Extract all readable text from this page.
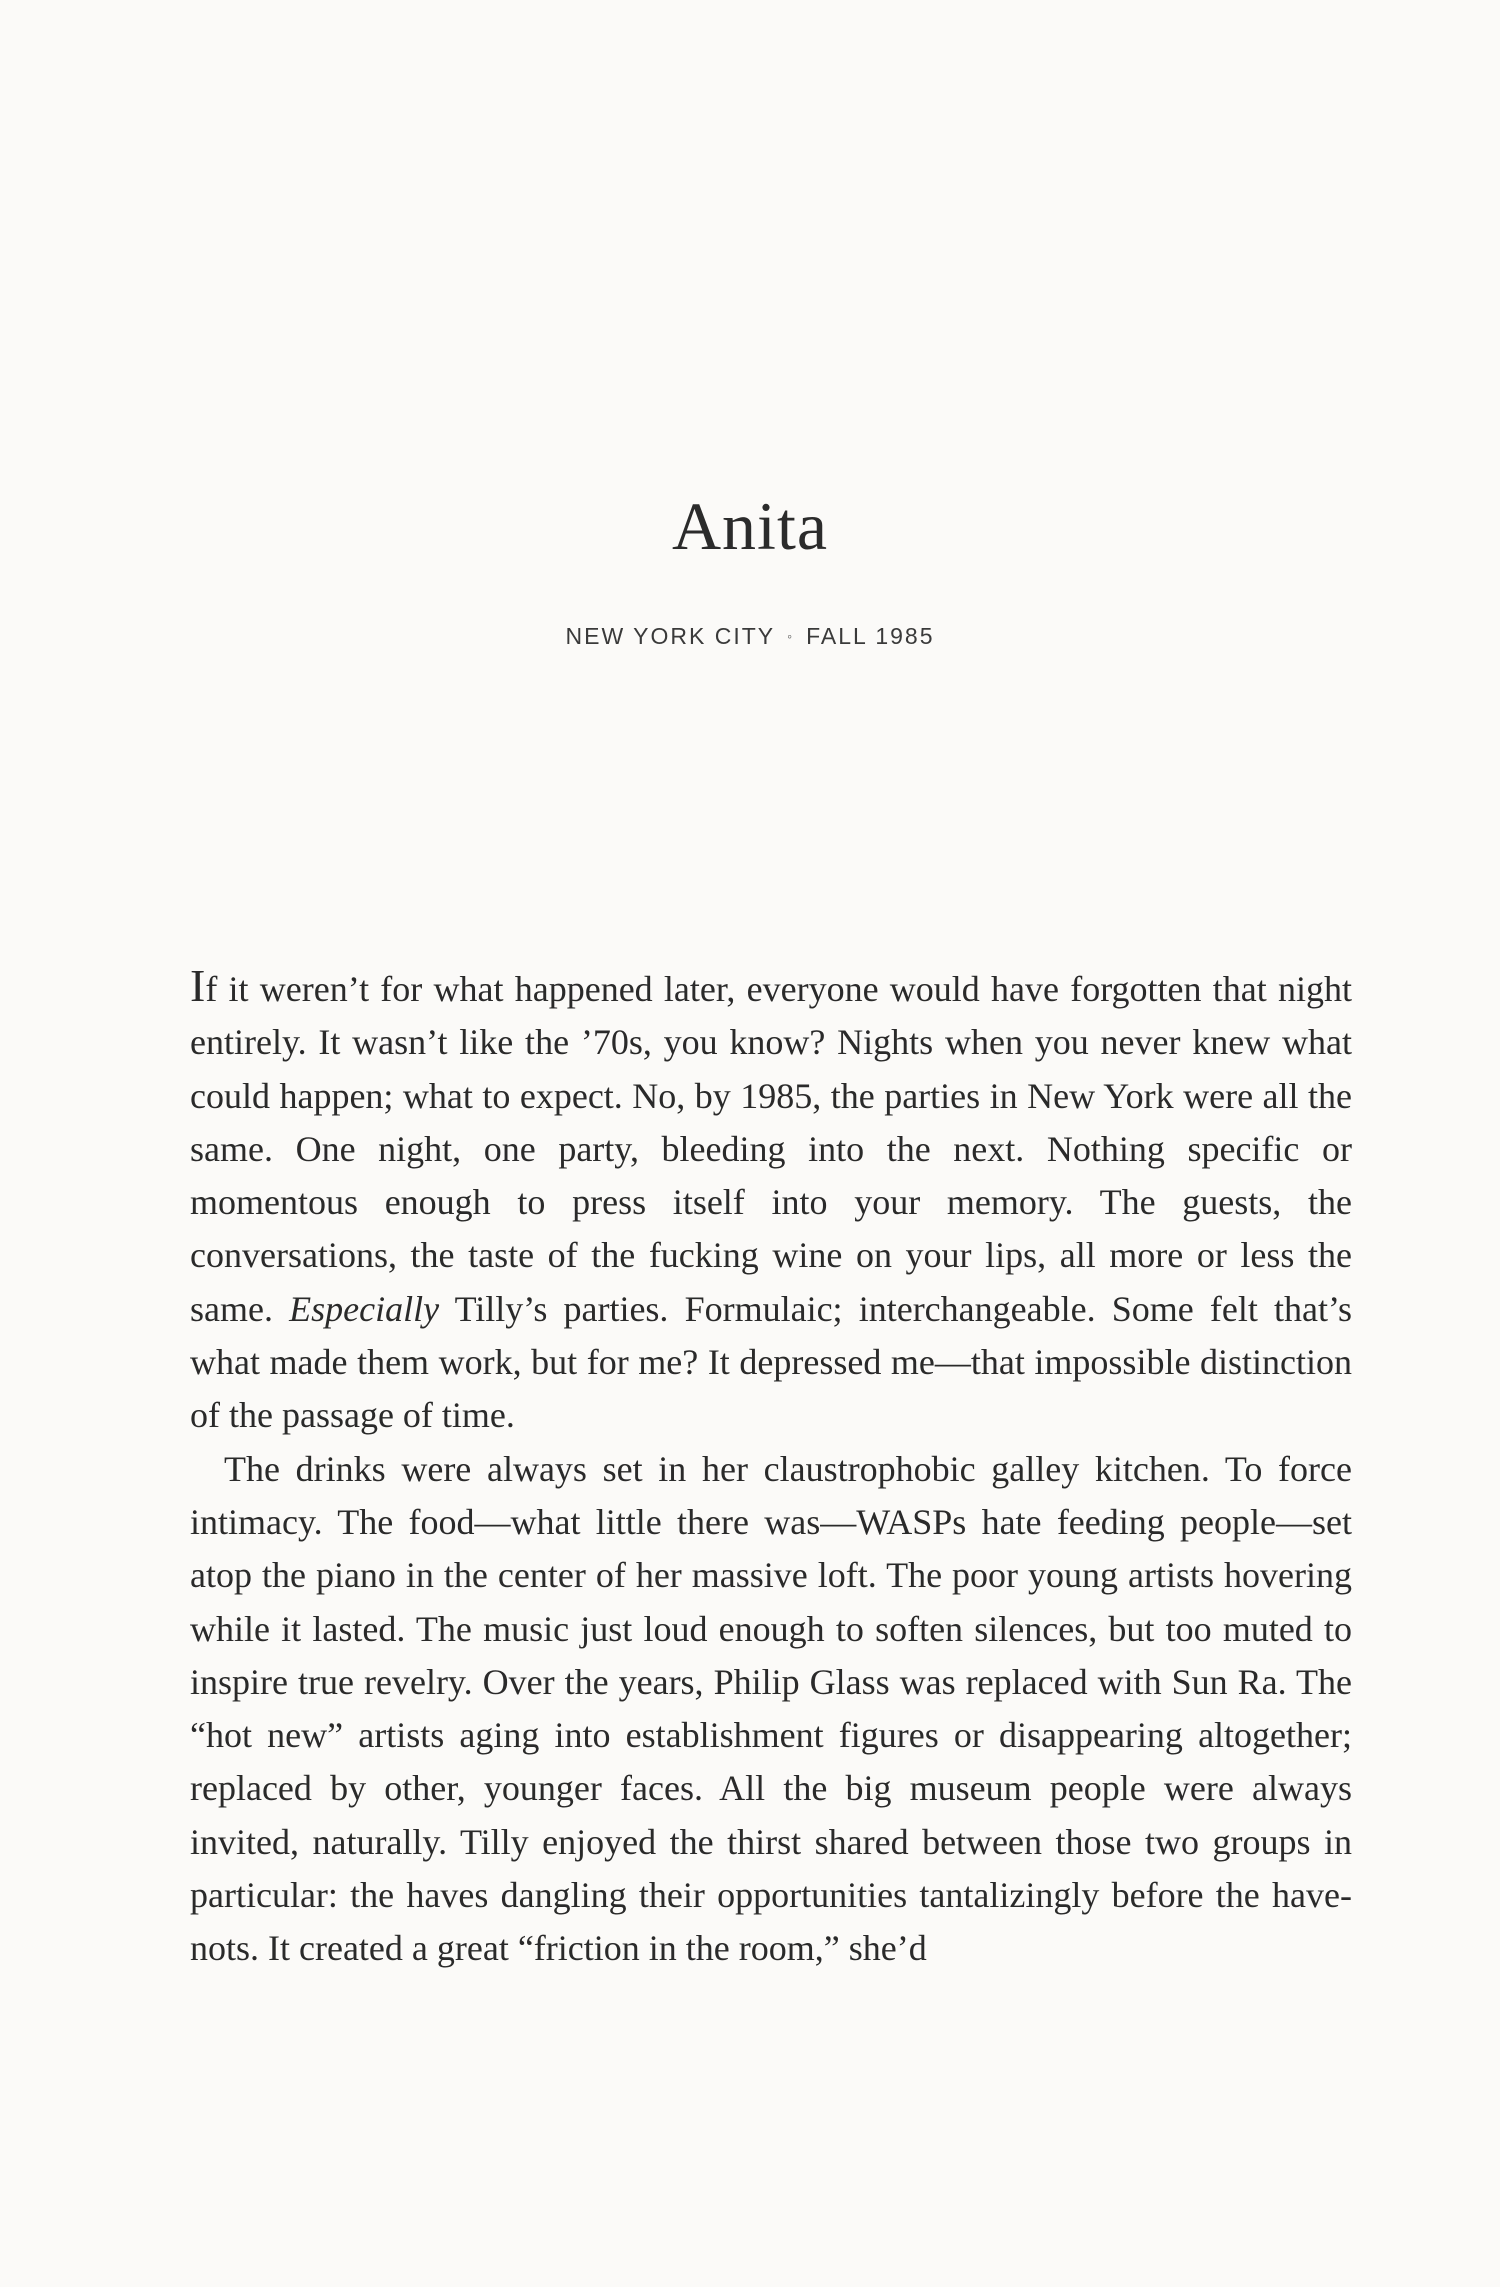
Anita
NEW YORK CITY ◦ FALL 1985

If it weren’t for what happened later, everyone would have forgotten that night entirely. It wasn’t like the ’70s, you know? Nights when you never knew what could happen; what to expect. No, by 1985, the parties in New York were all the same. One night, one party, bleeding into the next. Nothing specific or momentous enough to press itself into your memory. The guests, the conversations, the taste of the fucking wine on your lips, all more or less the same. Especially Tilly’s parties. Formulaic; interchangeable. Some felt that’s what made them work, but for me? It depressed me—that impossible distinction of the passage of time.

The drinks were always set in her claustrophobic galley kitchen. To force intimacy. The food—what little there was—WASPs hate feeding people—set atop the piano in the center of her massive loft. The poor young artists hovering while it lasted. The music just loud enough to soften silences, but too muted to inspire true revelry. Over the years, Philip Glass was replaced with Sun Ra. The “hot new” artists aging into establishment figures or disappearing altogether; replaced by other, younger faces. All the big museum people were always invited, naturally. Tilly enjoyed the thirst shared between those two groups in particular: the haves dangling their opportunities tantalizingly before the have-nots. It created a great “friction in the room,” she’d
